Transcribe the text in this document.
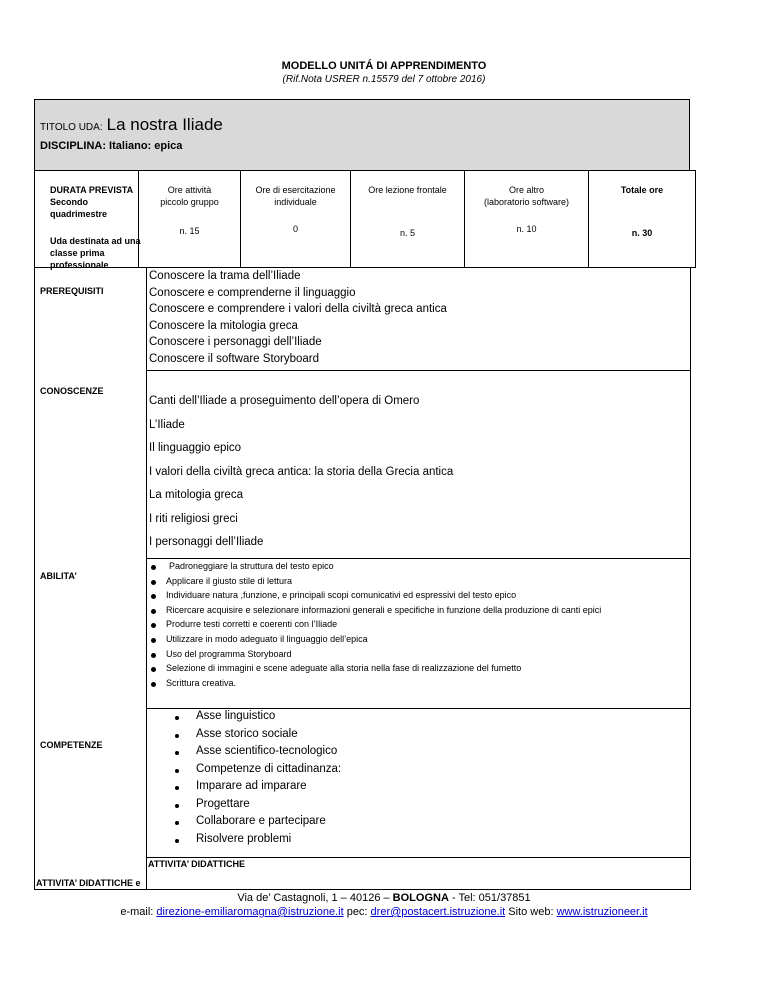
MODELLO UNITÁ DI APPRENDIMENTO
(Rif.Nota USRER n.15579 del 7 ottobre 2016)
TITOLO UDA: La nostra Iliade
DISCIPLINA: Italiano: epica
DURATA PREVISTA
Secondo
quadrimestre
Uda destinata ad una
classe prima
professionale
Ore attività
piccolo gruppo
n. 15
Ore di esercitazione
individuale
0
Ore lezione frontale
n. 5
Ore altro
(laboratorio software)
n. 10
Totale ore
n. 30
PREREQUISITI
Conoscere la trama dell’Iliade
Conoscere e comprenderne il linguaggio
Conoscere e comprendere i valori della civiltà greca antica
Conoscere la mitologia greca
Conoscere i personaggi dell’Iliade
Conoscere il software Storyboard
CONOSCENZE
Canti dell’Iliade a proseguimento dell’opera di Omero
L’Iliade
Il linguaggio epico
I valori della civiltà greca antica: la storia della Grecia antica
La mitologia greca
I riti religiosi greci
I personaggi dell’Iliade
ABILITA’
Padroneggiare la struttura del testo epico
Applicare il giusto stile di lettura
Individuare natura ,funzione, e principali scopi comunicativi ed espressivi del testo epico
Ricercare acquisire e selezionare informazioni generali e specifiche in funzione della produzione di canti epici
Produrre testi corretti e coerenti con l’Iliade
Utilizzare in modo adeguato il linguaggio dell’epica
Uso del programma Storyboard
Selezione di immagini e scene adeguate alla storia nella fase di realizzazione del fumetto
Scrittura creativa.
COMPETENZE
Asse linguistico
Asse storico sociale
Asse scientifico-tecnologico
Competenze di cittadinanza:
Imparare ad imparare
Progettare
Collaborare e partecipare
Risolvere problemi
ATTIVITA’ DIDATTICHE
ATTIVITA’ DIDATTICHE e
Via de’ Castagnoli, 1 – 40126 – BOLOGNA - Tel: 051/37851
e-mail: direzione-emiliaromagna@istruzione.it pec: drer@postacert.istruzione.it Sito web: www.istruzioneer.it
